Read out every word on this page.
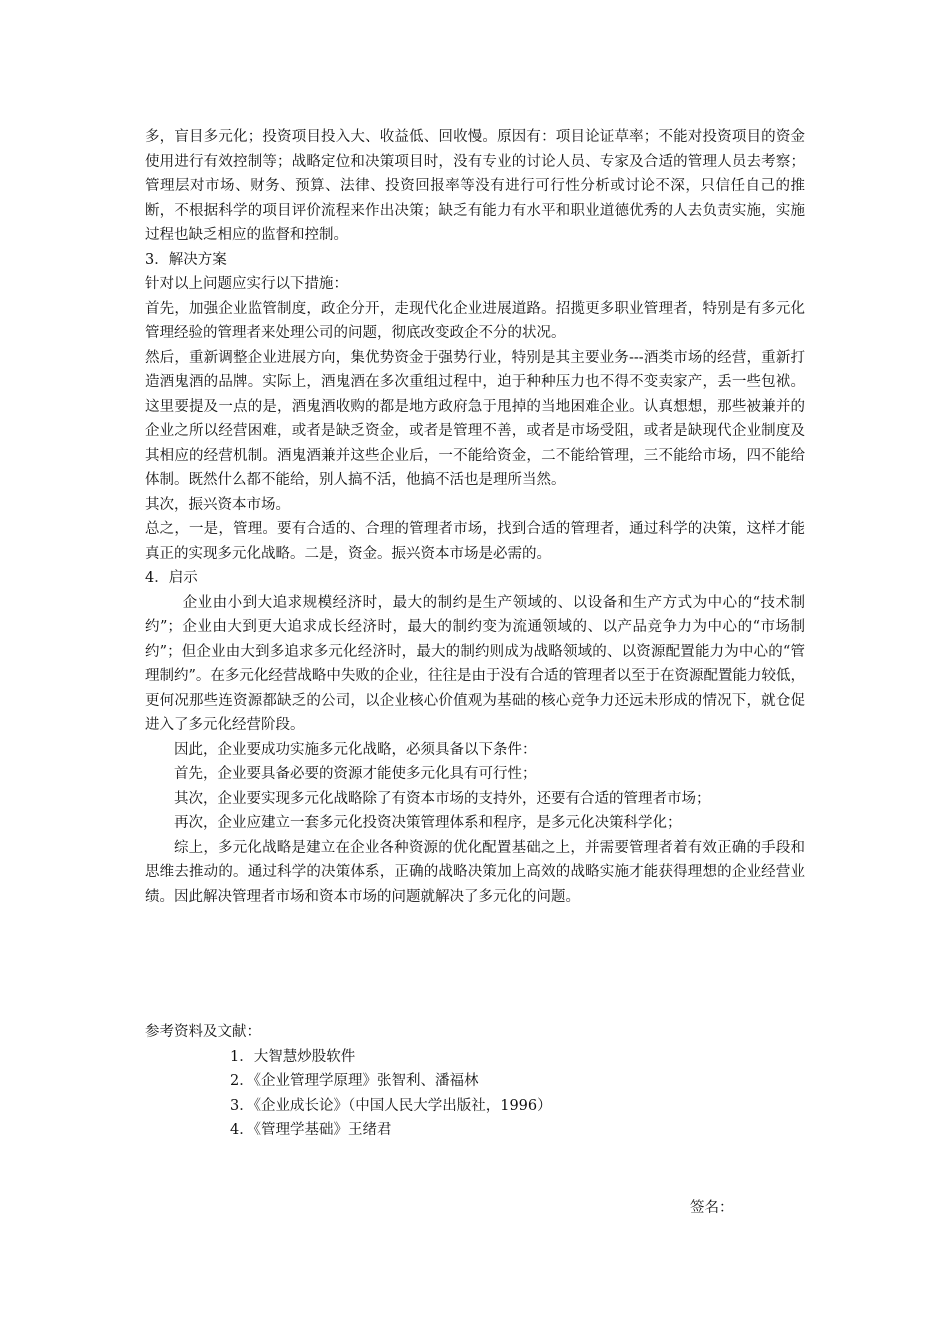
多，盲目多元化；投资项目投入大、收益低、回收慢。原因有：项目论证草率；不能对投资项目的资金使用进行有效控制等；战略定位和决策项目时，没有专业的讨论人员、专家及合适的管理人员去考察；管理层对市场、财务、预算、法律、投资回报率等没有进行可行性分析或讨论不深，只信任自己的推断，不根据科学的项目评价流程来作出决策；缺乏有能力有水平和职业道德优秀的人去负责实施，实施过程也缺乏相应的监督和控制。

3．解决方案

针对以上问题应实行以下措施：

首先，加强企业监管制度，政企分开，走现代化企业进展道路。招揽更多职业管理者，特别是有多元化管理经验的管理者来处理公司的问题，彻底改变政企不分的状况。

然后，重新调整企业进展方向，集优势资金于强势行业，特别是其主要业务---酒类市场的经营，重新打造酒鬼酒的品牌。实际上，酒鬼酒在多次重组过程中，迫于种种压力也不得不变卖家产，丢一些包袱。这里要提及一点的是，酒鬼酒收购的都是地方政府急于甩掉的当地困难企业。认真想想，那些被兼并的企业之所以经营困难，或者是缺乏资金，或者是管理不善，或者是市场受阻，或者是缺现代企业制度及其相应的经营机制。酒鬼酒兼并这些企业后，一不能给资金，二不能给管理，三不能给市场，四不能给体制。既然什么都不能给，别人搞不活，他搞不活也是理所当然。

其次，振兴资本市场。

总之，一是，管理。要有合适的、合理的管理者市场，找到合适的管理者，通过科学的决策，这样才能真正的实现多元化战略。二是，资金。振兴资本市场是必需的。

4．启示

企业由小到大追求规模经济时，最大的制约是生产领域的、以设备和生产方式为中心的“技术制约”；企业由大到更大追求成长经济时，最大的制约变为流通领域的、以产品竞争力为中心的“市场制约”；但企业由大到多追求多元化经济时，最大的制约则成为战略领域的、以资源配置能力为中心的“管理制约”。在多元化经营战略中失败的企业，往往是由于没有合适的管理者以至于在资源配置能力较低，更何况那些连资源都缺乏的公司，以企业核心价值观为基础的核心竞争力还远未形成的情况下，就仓促进入了多元化经营阶段。

因此，企业要成功实施多元化战略，必须具备以下条件：

首先，企业要具备必要的资源才能使多元化具有可行性；

其次，企业要实现多元化战略除了有资本市场的支持外，还要有合适的管理者市场；

再次，企业应建立一套多元化投资决策管理体系和程序，是多元化决策科学化；

综上，多元化战略是建立在企业各种资源的优化配置基础之上，并需要管理者着有效正确的手段和思维去推动的。通过科学的决策体系，正确的战略决策加上高效的战略实施才能获得理想的企业经营业绩。因此解决管理者市场和资本市场的问题就解决了多元化的问题。

参考资料及文献：

1．大智慧炒股软件
2．《企业管理学原理》张智利、潘福林
3．《企业成长论》（中国人民大学出版社，1996）
4．《管理学基础》王绪君
签名：
